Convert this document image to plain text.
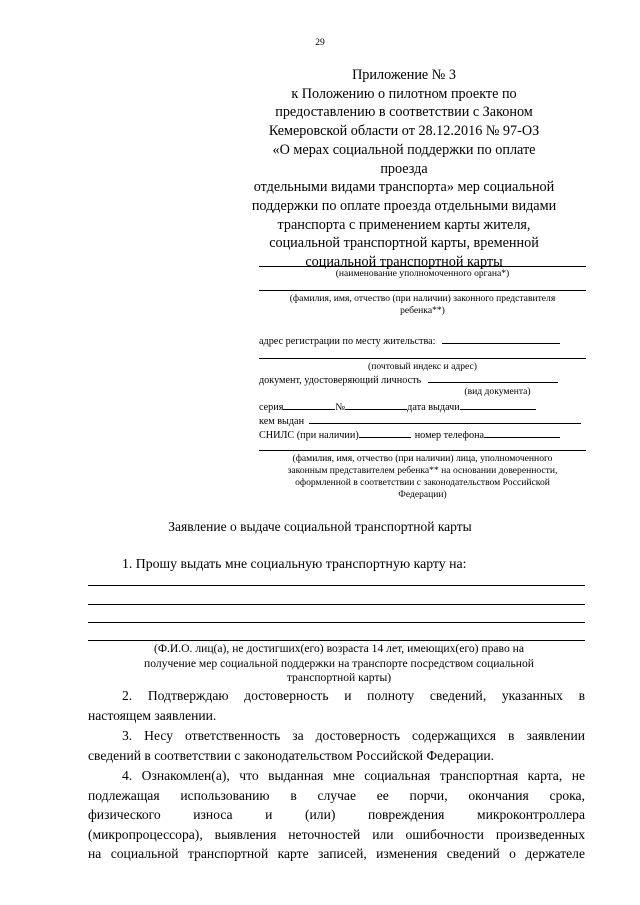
29
Приложение № 3
к Положению о пилотном проекте по
предоставлению в соответствии с Законом
Кемеровской области от 28.12.2016 № 97-ОЗ
«О мерах социальной поддержки по оплате проезда
отдельными видами транспорта» мер социальной
поддержки по оплате проезда отдельными видами
транспорта с применением карты жителя,
социальной транспортной карты, временной
социальной транспортной карты
(наименование уполномоченного органа*)
(фамилия, имя, отчество (при наличии) законного представителя
ребенка**)
адрес регистрации по месту жительства:
(почтовый индекс и адрес)
документ, удостоверяющий личность
(вид документа)
серия	№	дата выдачи
кем выдан
СНИЛС (при наличии)	номер телефона
(фамилия, имя, отчество (при наличии) лица, уполномоченного
законным представителем ребенка** на основании доверенности,
оформленной в соответствии с законодательством Российской
Федерации)
Заявление о выдаче социальной транспортной карты
1. Прошу выдать мне социальную транспортную карту на:
(Ф.И.О. лиц(а), не достигших(его) возраста 14 лет, имеющих(его) право на
получение мер социальной поддержки на транспорте посредством социальной
транспортной карты)

2. Подтверждаю достоверность и полноту сведений, указанных в

настоящем заявлении.

3. Несу ответственность за достоверность содержащихся в заявлении

сведений в соответствии с законодательством Российской Федерации.

4. Ознакомлен(а), что выданная мне социальная транспортная карта, не

подлежащая использованию в случае ее порчи, окончания срока,
физического износа и (или) повреждения микроконтроллера
(микропроцессора), выявления неточностей или ошибочности произведенных
на социальной транспортной карте записей, изменения сведений о держателе
